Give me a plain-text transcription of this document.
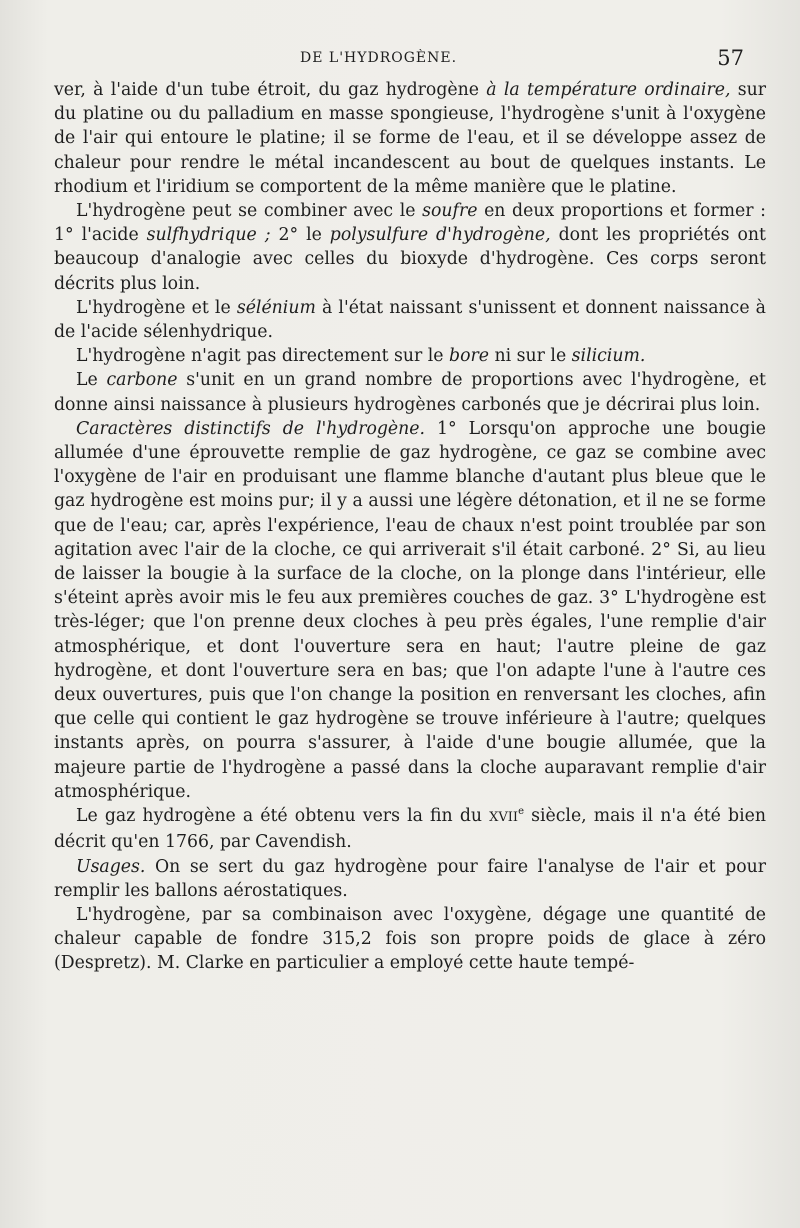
DE L'HYDROGÈNE.	57

ver, à l'aide d'un tube étroit, du gaz hydrogène à la température ordinaire, sur du platine ou du palladium en masse spongieuse, l'hydrogène s'unit à l'oxygène de l'air qui entoure le platine; il se forme de l'eau, et il se développe assez de chaleur pour rendre le métal incandescent au bout de quelques instants. Le rhodium et l'iridium se comportent de la même manière que le platine.

L'hydrogène peut se combiner avec le soufre en deux proportions et former : 1° l'acide sulfhydrique ; 2° le polysulfure d'hydrogène, dont les propriétés ont beaucoup d'analogie avec celles du bioxyde d'hydrogène. Ces corps seront décrits plus loin.

L'hydrogène et le sélénium à l'état naissant s'unissent et donnent naissance à de l'acide sélenhydrique.

L'hydrogène n'agit pas directement sur le bore ni sur le silicium.

Le carbone s'unit en un grand nombre de proportions avec l'hydrogène, et donne ainsi naissance à plusieurs hydrogènes carbonés que je décrirai plus loin.

Caractères distinctifs de l'hydrogène. 1° Lorsqu'on approche une bougie allumée d'une éprouvette remplie de gaz hydrogène, ce gaz se combine avec l'oxygène de l'air en produisant une flamme blanche d'autant plus bleue que le gaz hydrogène est moins pur; il y a aussi une légère détonation, et il ne se forme que de l'eau; car, après l'expérience, l'eau de chaux n'est point troublée par son agitation avec l'air de la cloche, ce qui arriverait s'il était carboné. 2° Si, au lieu de laisser la bougie à la surface de la cloche, on la plonge dans l'intérieur, elle s'éteint après avoir mis le feu aux premières couches de gaz. 3° L'hydrogène est très-léger; que l'on prenne deux cloches à peu près égales, l'une remplie d'air atmosphérique, et dont l'ouverture sera en haut; l'autre pleine de gaz hydrogène, et dont l'ouverture sera en bas; que l'on adapte l'une à l'autre ces deux ouvertures, puis que l'on change la position en renversant les cloches, afin que celle qui contient le gaz hydrogène se trouve inférieure à l'autre; quelques instants après, on pourra s'assurer, à l'aide d'une bougie allumée, que la majeure partie de l'hydrogène a passé dans la cloche auparavant remplie d'air atmosphérique.

Le gaz hydrogène a été obtenu vers la fin du XVIIe siècle, mais il n'a été bien décrit qu'en 1766, par Cavendish.

Usages. On se sert du gaz hydrogène pour faire l'analyse de l'air et pour remplir les ballons aérostatiques.

L'hydrogène, par sa combinaison avec l'oxygène, dégage une quantité de chaleur capable de fondre 315,2 fois son propre poids de glace à zéro (Despretz). M. Clarke en particulier a employé cette haute tempé-
